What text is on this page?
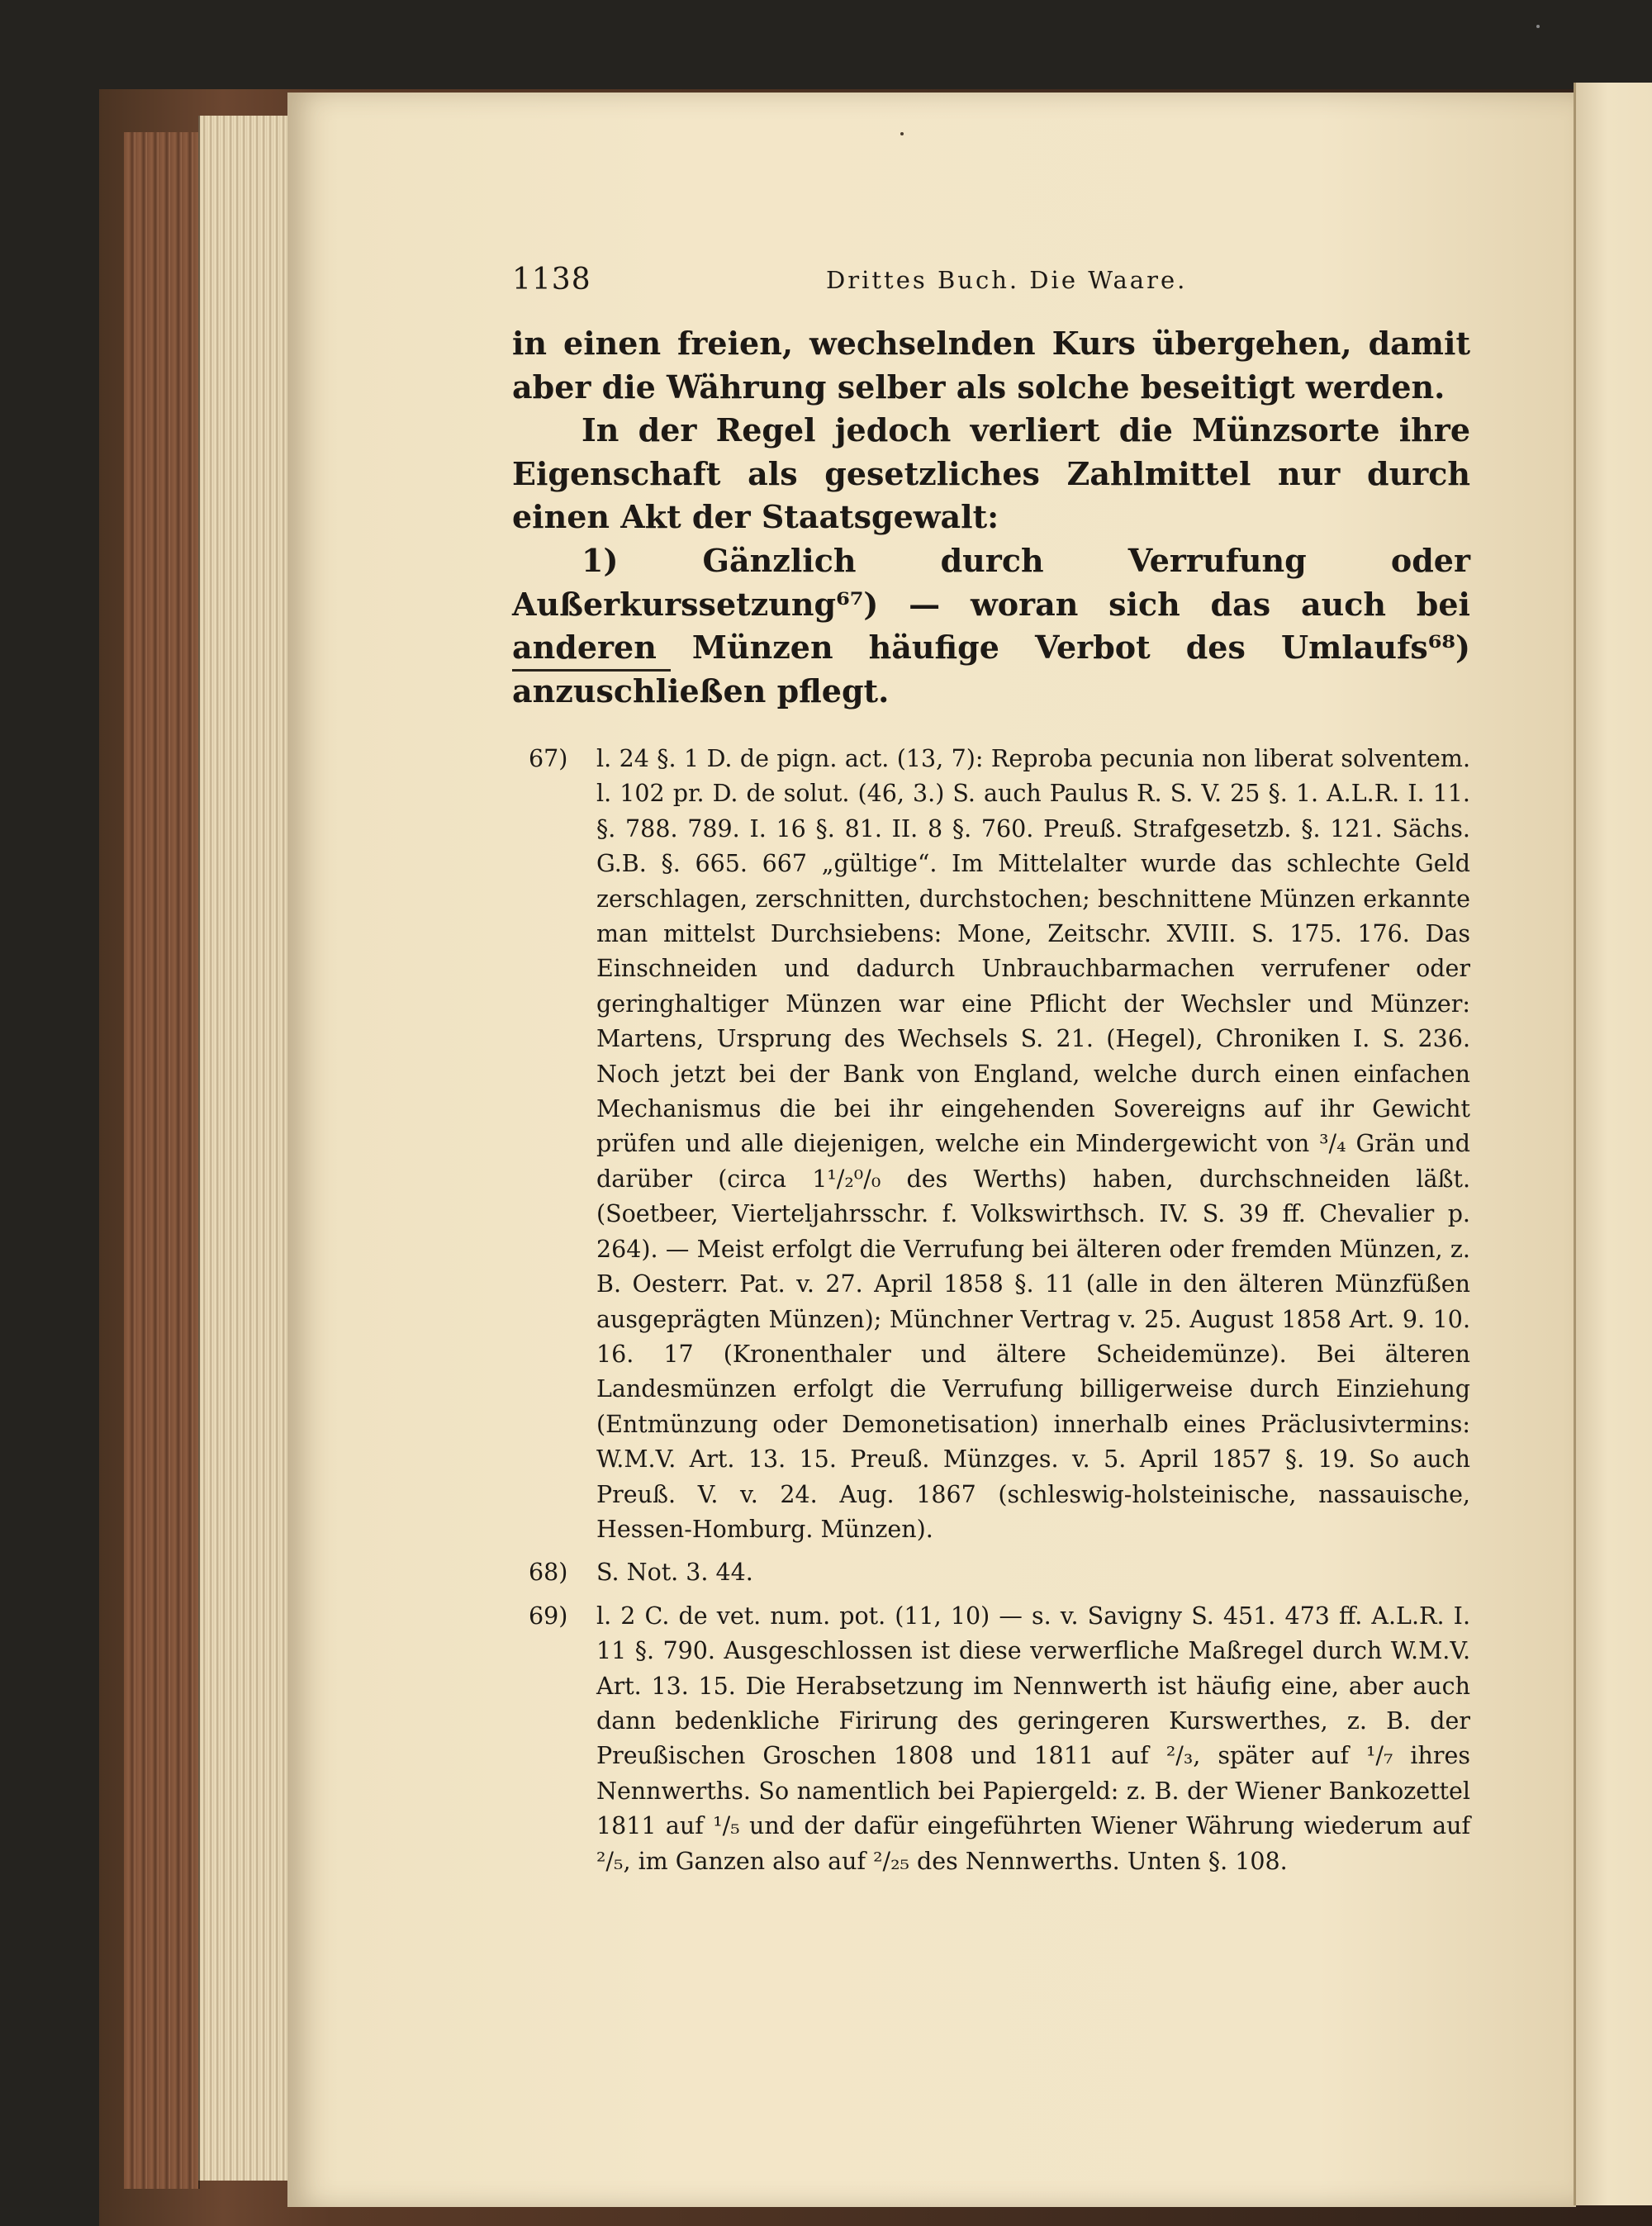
1138	Drittes Buch. Die Waare.

in einen freien, wechselnden Kurs übergehen, damit aber die Währung selber als solche beseitigt werden.

In der Regel jedoch verliert die Münzsorte ihre Eigenschaft als gesetzliches Zahlmittel nur durch einen Akt der Staatsgewalt:

1) Gänzlich durch Verrufung oder Außerkurssetzung⁶⁷) — woran sich das auch bei anderen Münzen häufige Verbot des Umlaufs⁶⁸) anzuschließen pflegt.

67) l. 24 §. 1 D. de pign. act. (13, 7): Reproba pecunia non liberat solventem. l. 102 pr. D. de solut. (46, 3.) S. auch Paulus R. S. V. 25 §. 1. A.L.R. I. 11. §. 788. 789. I. 16 §. 81. II. 8 §. 760. Preuß. Strafgesetzb. §. 121. Sächs. G.B. §. 665. 667 „gültige“. Im Mittelalter wurde das schlechte Geld zerschlagen, zerschnitten, durchstochen; beschnittene Münzen erkannte man mittelst Durchsiebens: Mone, Zeitschr. XVIII. S. 175. 176. Das Einschneiden und dadurch Unbrauchbarmachen verrufener oder geringhaltiger Münzen war eine Pflicht der Wechsler und Münzer: Martens, Ursprung des Wechsels S. 21. (Hegel), Chroniken I. S. 236. Noch jetzt bei der Bank von England, welche durch einen einfachen Mechanismus die bei ihr eingehenden Sovereigns auf ihr Gewicht prüfen und alle diejenigen, welche ein Mindergewicht von ³/₄ Grän und darüber (circa 1¹/₂⁰/₀ des Werths) haben, durchschneiden läßt. (Soetbeer, Vierteljahrsschr. f. Volkswirthsch. IV. S. 39 ff. Chevalier p. 264). — Meist erfolgt die Verrufung bei älteren oder fremden Münzen, z. B. Oesterr. Pat. v. 27. April 1858 §. 11 (alle in den älteren Münzfüßen ausgeprägten Münzen); Münchner Vertrag v. 25. August 1858 Art. 9. 10. 16. 17 (Kronenthaler und ältere Scheidemünze). Bei älteren Landesmünzen erfolgt die Verrufung billigerweise durch Einziehung (Entmünzung oder Demonetisation) innerhalb eines Präclusivtermins: W.M.V. Art. 13. 15. Preuß. Münzges. v. 5. April 1857 §. 19. So auch Preuß. V. v. 24. Aug. 1867 (schleswig-holsteinische, nassauische, Hessen-Homburg. Münzen).
68) S. Not. 3. 44.
69) l. 2 C. de vet. num. pot. (11, 10) — s. v. Savigny S. 451. 473 ff. A.L.R. I. 11 §. 790. Ausgeschlossen ist diese verwerfliche Maßregel durch W.M.V. Art. 13. 15. Die Herabsetzung im Nennwerth ist häufig eine, aber auch dann bedenkliche Firirung des geringeren Kurswerthes, z. B. der Preußischen Groschen 1808 und 1811 auf ²/₃, später auf ¹/₇ ihres Nennwerths. So namentlich bei Papiergeld: z. B. der Wiener Bankozettel 1811 auf ¹/₅ und der dafür eingeführten Wiener Währung wiederum auf ²/₅, im Ganzen also auf ²/₂₅ des Nennwerths. Unten §. 108.
